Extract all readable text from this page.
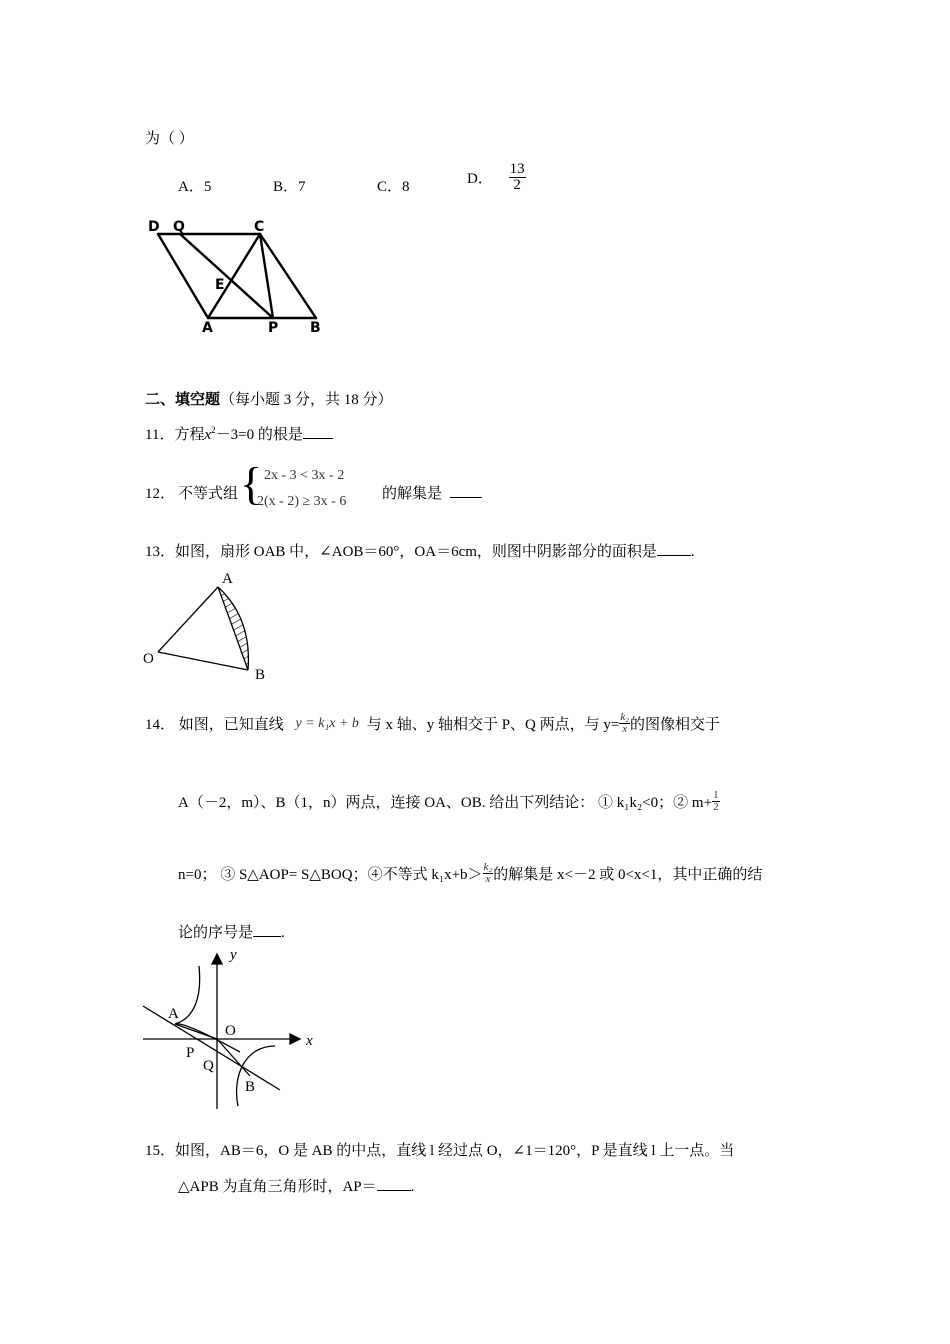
为（ ）
A．5	B．7	C．8	D． $\frac{13}{2}$
D Q	C
E
A	P B
二、填空题（每小题 3 分，共 18 分）
11．方程$x^2-3=0$ 的根是
12． 不等式组 { 2x - 3 < 3x - 2
2(x - 2) ≥ 3x - 6 的解集是
13．如图，扇形 OAB 中，∠AOB＝60°，OA＝6cm，则图中阴影部分的面积是 .
A
O
B
14． 如图，已知直线 y = k₁x + b 与 x 轴、y 轴相交于 P、Q 两点，与 $y= \frac{\text{k₂}}{x}$ 的图像相交于
A（－2，m）、B（1，n）两点，连接 OA、OB. 给出下列结论： ① k₁k₂<0；② $m+ \frac{1}{2}$
n=0； ③ S△AOP= S△BOQ；④不等式 $k_1x+b> \frac{\text{k₂}}{x}$ 的解集是 x<－2 或 0<x<1，其中正确的结
论的序号是 .
y
x
A
O
P
Q
B
15．如图，AB＝6，O 是 AB 的中点，直线 l 经过点 O，∠1＝120°，P 是直线 l 上一点。当
△APB 为直角三角形时，AP＝ .
